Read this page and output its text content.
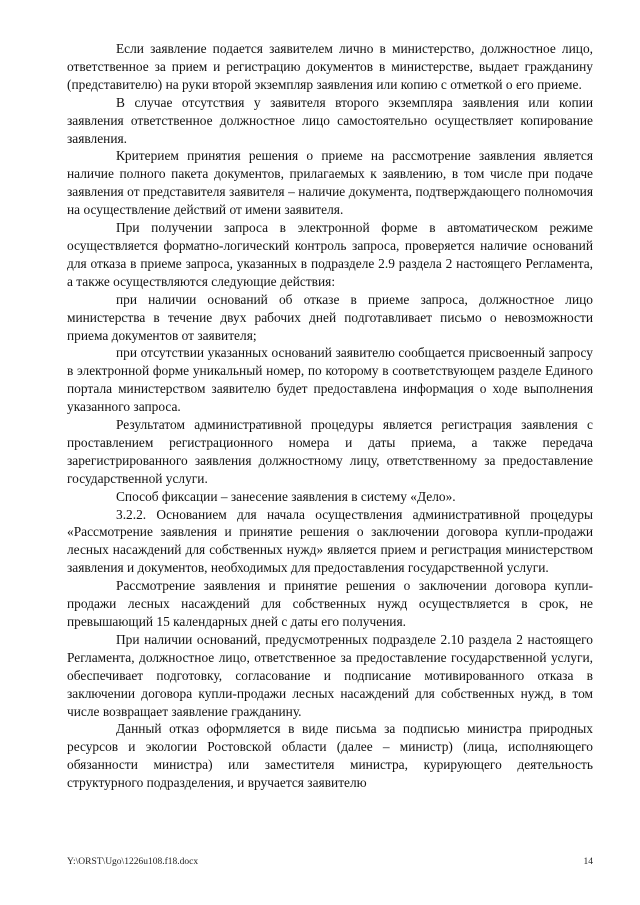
Если заявление подается заявителем лично в министерство, должностное лицо, ответственное за прием и регистрацию документов в министерстве, выдает гражданину (представителю) на руки второй экземпляр заявления или копию с отметкой о его приеме.

В случае отсутствия у заявителя второго экземпляра заявления или копии заявления ответственное должностное лицо самостоятельно осуществляет копирование заявления.

Критерием принятия решения о приеме на рассмотрение заявления является наличие полного пакета документов, прилагаемых к заявлению, в том числе при подаче заявления от представителя заявителя – наличие документа, подтверждающего полномочия на осуществление действий от имени заявителя.

При получении запроса в электронной форме в автоматическом режиме осуществляется форматно-логический контроль запроса, проверяется наличие оснований для отказа в приеме запроса, указанных в подразделе 2.9 раздела 2 настоящего Регламента, а также осуществляются следующие действия:

при наличии оснований об отказе в приеме запроса, должностное лицо министерства в течение двух рабочих дней подготавливает письмо о невозможности приема документов от заявителя;

при отсутствии указанных оснований заявителю сообщается присвоенный запросу в электронной форме уникальный номер, по которому в соответствующем разделе Единого портала министерством заявителю будет предоставлена информация о ходе выполнения указанного запроса.

Результатом административной процедуры является регистрация заявления с проставлением регистрационного номера и даты приема, а также передача зарегистрированного заявления должностному лицу, ответственному за предоставление государственной услуги.

Способ фиксации – занесение заявления в систему «Дело».

3.2.2. Основанием для начала осуществления административной процедуры «Рассмотрение заявления и принятие решения о заключении договора купли-продажи лесных насаждений для собственных нужд» является прием и регистрация министерством заявления и документов, необходимых для предоставления государственной услуги.

Рассмотрение заявления и принятие решения о заключении договора купли-продажи лесных насаждений для собственных нужд осуществляется в срок, не превышающий 15 календарных дней с даты его получения.

При наличии оснований, предусмотренных подразделе 2.10 раздела 2 настоящего Регламента, должностное лицо, ответственное за предоставление государственной услуги, обеспечивает подготовку, согласование и подписание мотивированного отказа в заключении договора купли-продажи лесных насаждений для собственных нужд, в том числе возвращает заявление гражданину.

Данный отказ оформляется в виде письма за подписью министра природных ресурсов и экологии Ростовской области (далее – министр) (лица, исполняющего обязанности министра) или заместителя министра, курирующего деятельность структурного подразделения, и вручается заявителю

Y:\ORST\Ugo\1226u108.f18.docx	14
